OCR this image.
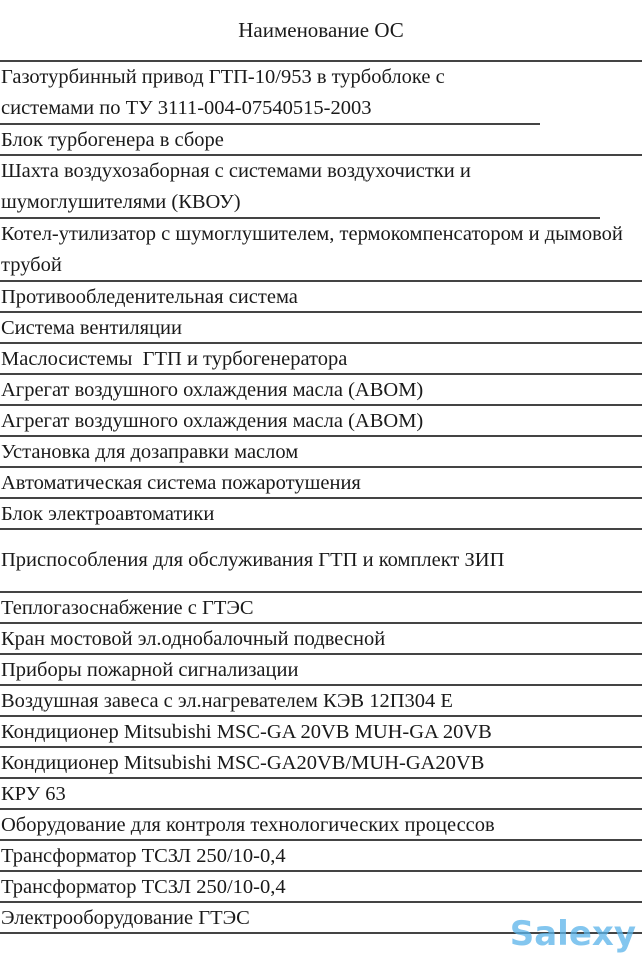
Наименование ОС
Газотурбинный привод ГТП-10/953 в турбоблоке с системами по ТУ 3111-004-07540515-2003
Блок турбогенера в сборе
Шахта воздухозаборная с системами воздухочистки и шумоглушителями (КВОУ)
Котел-утилизатор с шумоглушителем, термокомпенсатором и дымовой трубой
Противообледенительная система
Система вентиляции
Маслосистемы  ГТП и турбогенератора
Агрегат воздушного охлаждения масла (АВОМ)
Агрегат воздушного охлаждения масла (АВОМ)
Установка для дозаправки маслом
Автоматическая система пожаротушения
Блок электроавтоматики
Приспособления для обслуживания ГТП и комплект ЗИП
Теплогазоснабжение с ГТЭС
Кран мостовой эл.однобалочный подвесной
Приборы пожарной сигнализации
Воздушная завеса с эл.нагревателем КЭВ 12П304 Е
Кондиционер Mitsubishi MSC-GA 20VB MUH-GA 20VB
Кондиционер Mitsubishi MSC-GA20VB/MUH-GA20VB
КРУ 63
Оборудование для контроля технологических процессов
Трансформатор ТСЗЛ 250/10-0,4
Трансформатор ТСЗЛ 250/10-0,4
Электрооборудование ГТЭС	Salexy
